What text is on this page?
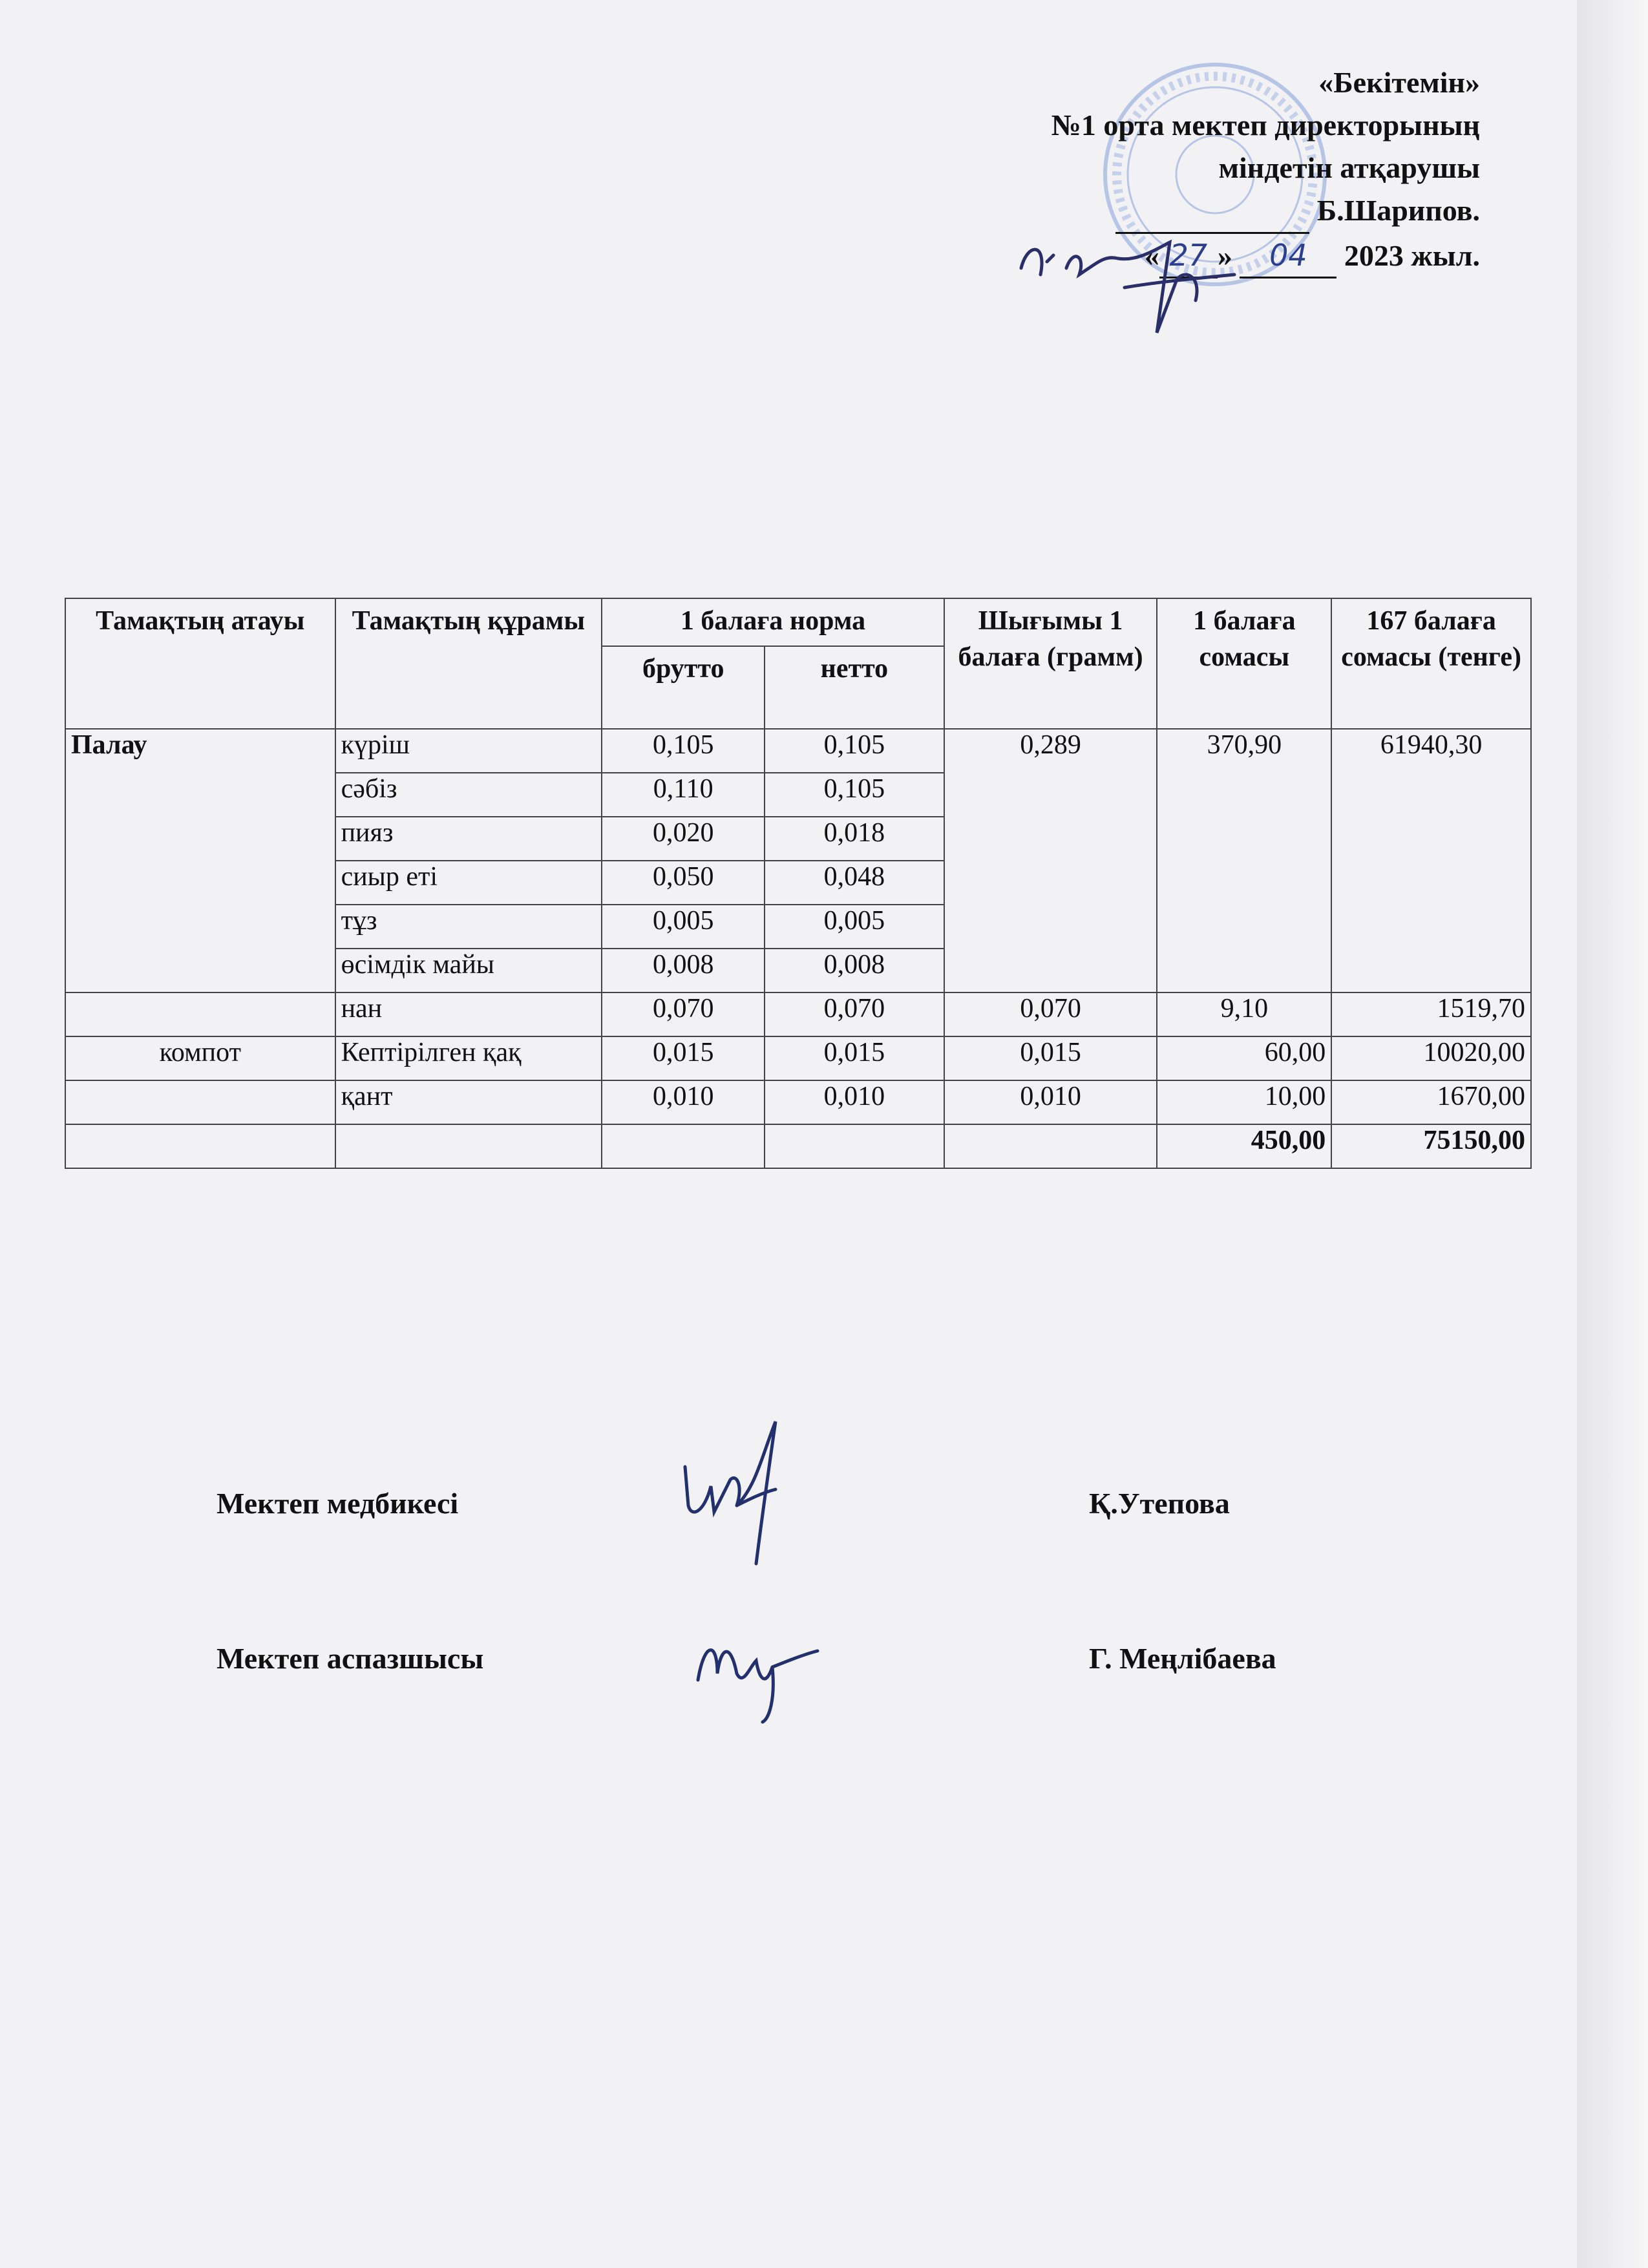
«Бекітемін»
№1 орта мектеп директорының
міндетін атқарушы
Б.Шарипов.
« 27 » 04 2023 жыл.
Тамақтың атауы	Тамақтың құрамы	1 балаға норма		Шығымы 1 балаға (грамм)	1 балаға сомасы	167 балаға сомасы (тенге)
		брутто	нетто			
Палау	күріш	0,105	0,105	0,289	370,90	61940,30
	сәбіз	0,110	0,105			
	пияз	0,020	0,018			
	сиыр еті	0,050	0,048			
	тұз	0,005	0,005			
	өсімдік майы	0,008	0,008			
	нан	0,070	0,070	0,070	9,10	1519,70
компот	Кептірілген қақ	0,015	0,015	0,015	60,00	10020,00
	қант	0,010	0,010	0,010	10,00	1670,00
					450,00	75150,00
Мектеп медбикесі	Қ.Утепова
Мектеп аспазшысы	Г. Меңлібаева
